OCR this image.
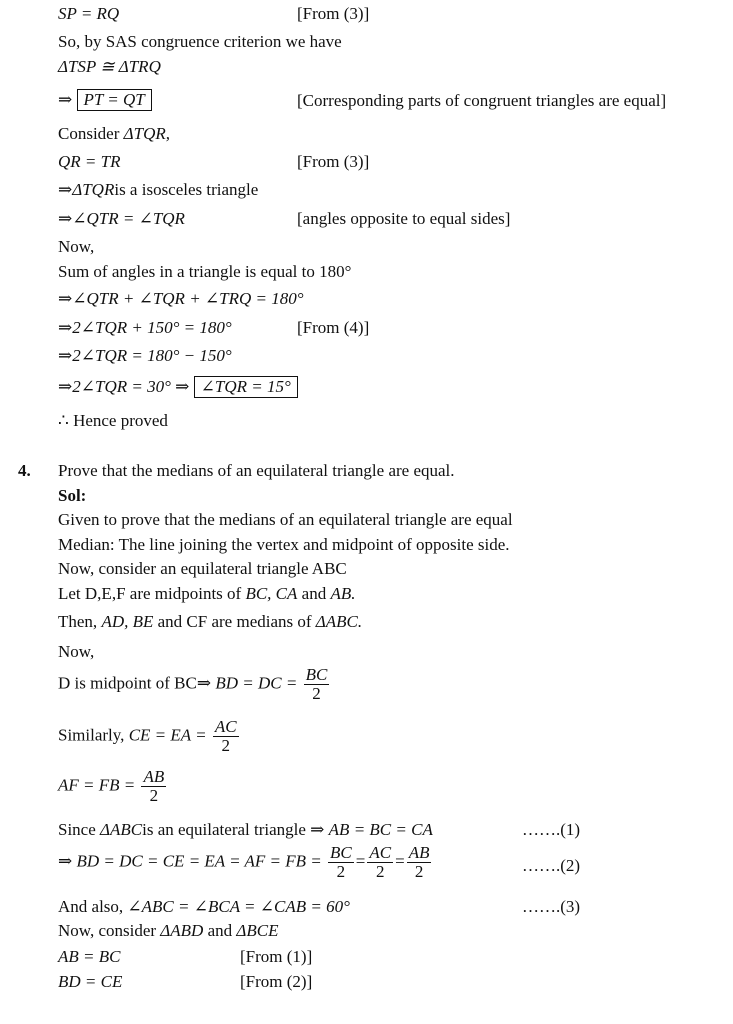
SP = RQ	[From (3)]
So, by SAS congruence criterion we have
ΔTSP ≅ ΔTRQ
⇒ PT = QT	[Corresponding parts of congruent triangles are equal]
Consider ΔTQR,
QR = TR	[From (3)]
⇒ΔTQRis a isosceles triangle
⇒∠QTR = ∠TQR	[angles opposite to equal sides]
Now,
Sum of angles in a triangle is equal to 180°
⇒∠QTR + ∠TQR + ∠TRQ = 180°
⇒2∠TQR + 150° = 180°	[From (4)]
⇒2∠TQR = 180° − 150°
⇒2∠TQR = 30° ⇒ ∠TQR = 15°
∴ Hence proved
4. Prove that the medians of an equilateral triangle are equal.
Sol:
Given to prove that the medians of an equilateral triangle are equal
Median: The line joining the vertex and midpoint of opposite side.
Now, consider an equilateral triangle ABC
Let D,E,F are midpoints of BC, CA and AB.
Then, AD, BE and CF are medians of ΔABC.
Now,
D is midpoint of BC⇒ BD = DC = $\frac{BC}{2}$
Similarly, CE = EA = $\frac{AC}{2}$
AF = FB = $\frac{AB}{2}$
Since ΔABCis an equilateral triangle ⇒ AB = BC = CA	…….(1)
⇒ BD = DC = CE = EA = AF = FB = $\frac{BC}{2} = \frac{AC}{2} = \frac{AB}{2}$	…….(2)
And also, ∠ABC = ∠BCA = ∠CAB = 60°	…….(3)
Now, consider ΔABD and ΔBCE
AB = BC	[From (1)]
BD = CE	[From (2)]
